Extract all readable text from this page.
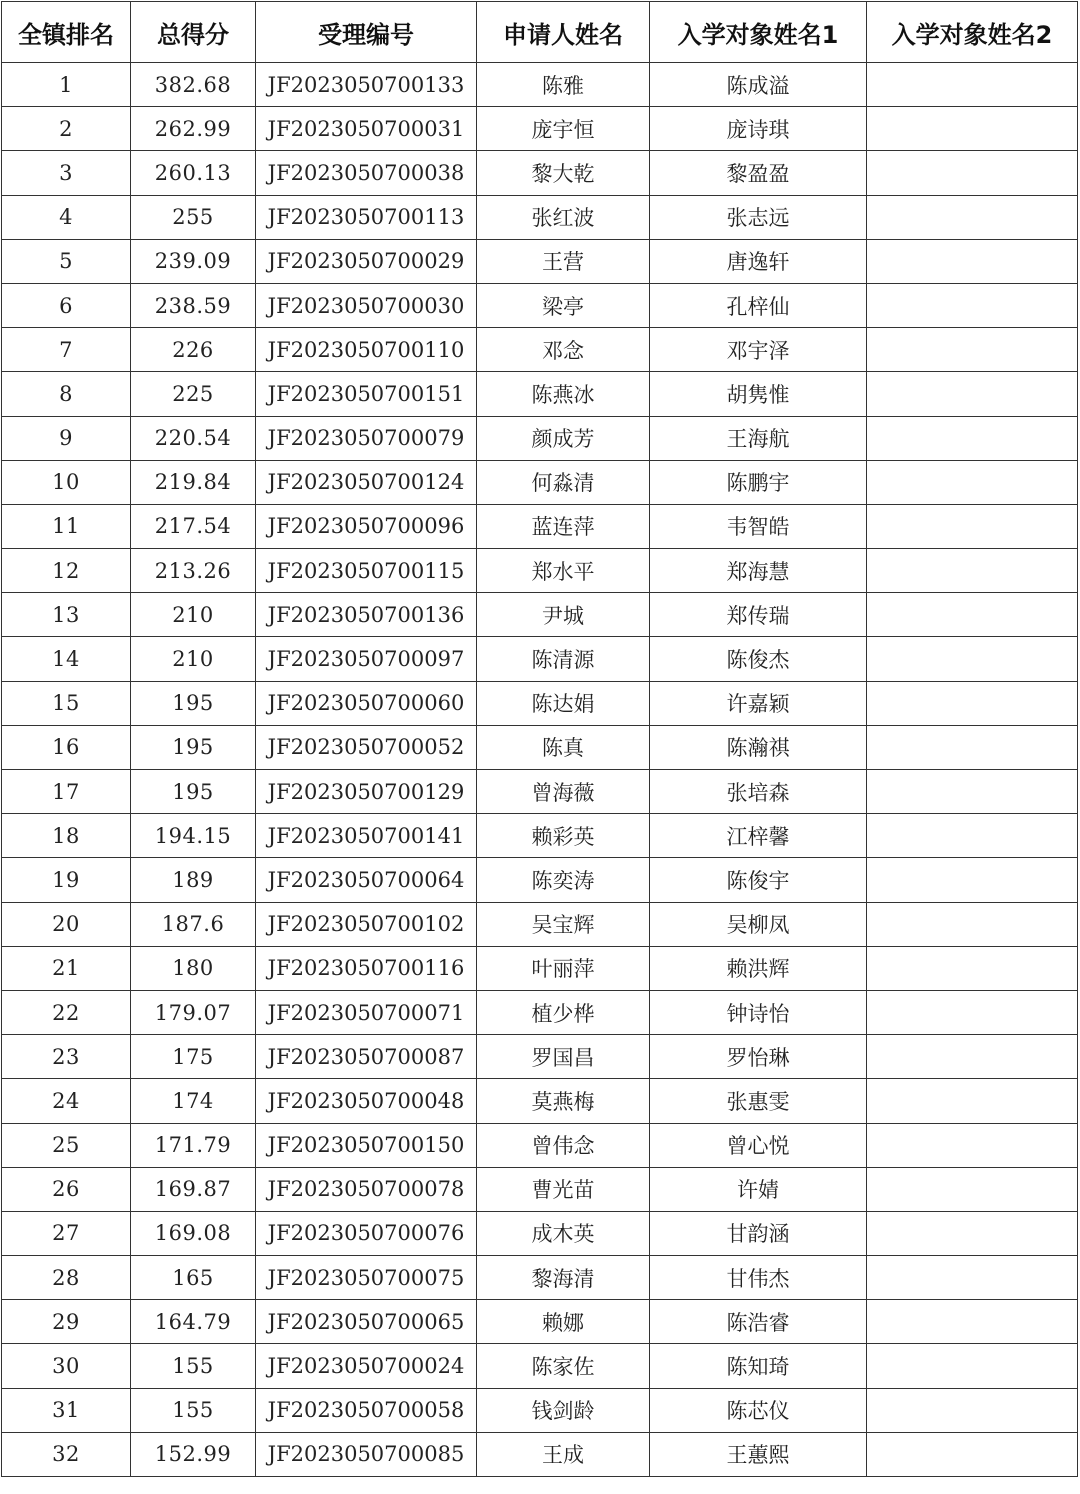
全镇排名	总得分	受理编号	申请人姓名	入学对象姓名1	入学对象姓名2
1	382.68	JF2023050700133	陈雅	陈成溢	
2	262.99	JF2023050700031	庞宇恒	庞诗琪	
3	260.13	JF2023050700038	黎大乾	黎盈盈	
4	255	JF2023050700113	张红波	张志远	
5	239.09	JF2023050700029	王营	唐逸轩	
6	238.59	JF2023050700030	梁亭	孔梓仙	
7	226	JF2023050700110	邓念	邓宇泽	
8	225	JF2023050700151	陈燕冰	胡隽惟	
9	220.54	JF2023050700079	颜成芳	王海航	
10	219.84	JF2023050700124	何淼清	陈鹏宇	
11	217.54	JF2023050700096	蓝连萍	韦智皓	
12	213.26	JF2023050700115	郑水平	郑海慧	
13	210	JF2023050700136	尹城	郑传瑞	
14	210	JF2023050700097	陈清源	陈俊杰	
15	195	JF2023050700060	陈达娟	许嘉颖	
16	195	JF2023050700052	陈真	陈瀚祺	
17	195	JF2023050700129	曾海薇	张培森	
18	194.15	JF2023050700141	赖彩英	江梓馨	
19	189	JF2023050700064	陈奕涛	陈俊宇	
20	187.6	JF2023050700102	吴宝辉	吴柳凤	
21	180	JF2023050700116	叶丽萍	赖洪辉	
22	179.07	JF2023050700071	植少桦	钟诗怡	
23	175	JF2023050700087	罗国昌	罗怡琳	
24	174	JF2023050700048	莫燕梅	张惠雯	
25	171.79	JF2023050700150	曾伟念	曾心悦	
26	169.87	JF2023050700078	曹光苗	许婧	
27	169.08	JF2023050700076	成木英	甘韵涵	
28	165	JF2023050700075	黎海清	甘伟杰	
29	164.79	JF2023050700065	赖娜	陈浩睿	
30	155	JF2023050700024	陈家佐	陈知琦	
31	155	JF2023050700058	钱剑龄	陈芯仪	
32	152.99	JF2023050700085	王成	王蕙熙	
